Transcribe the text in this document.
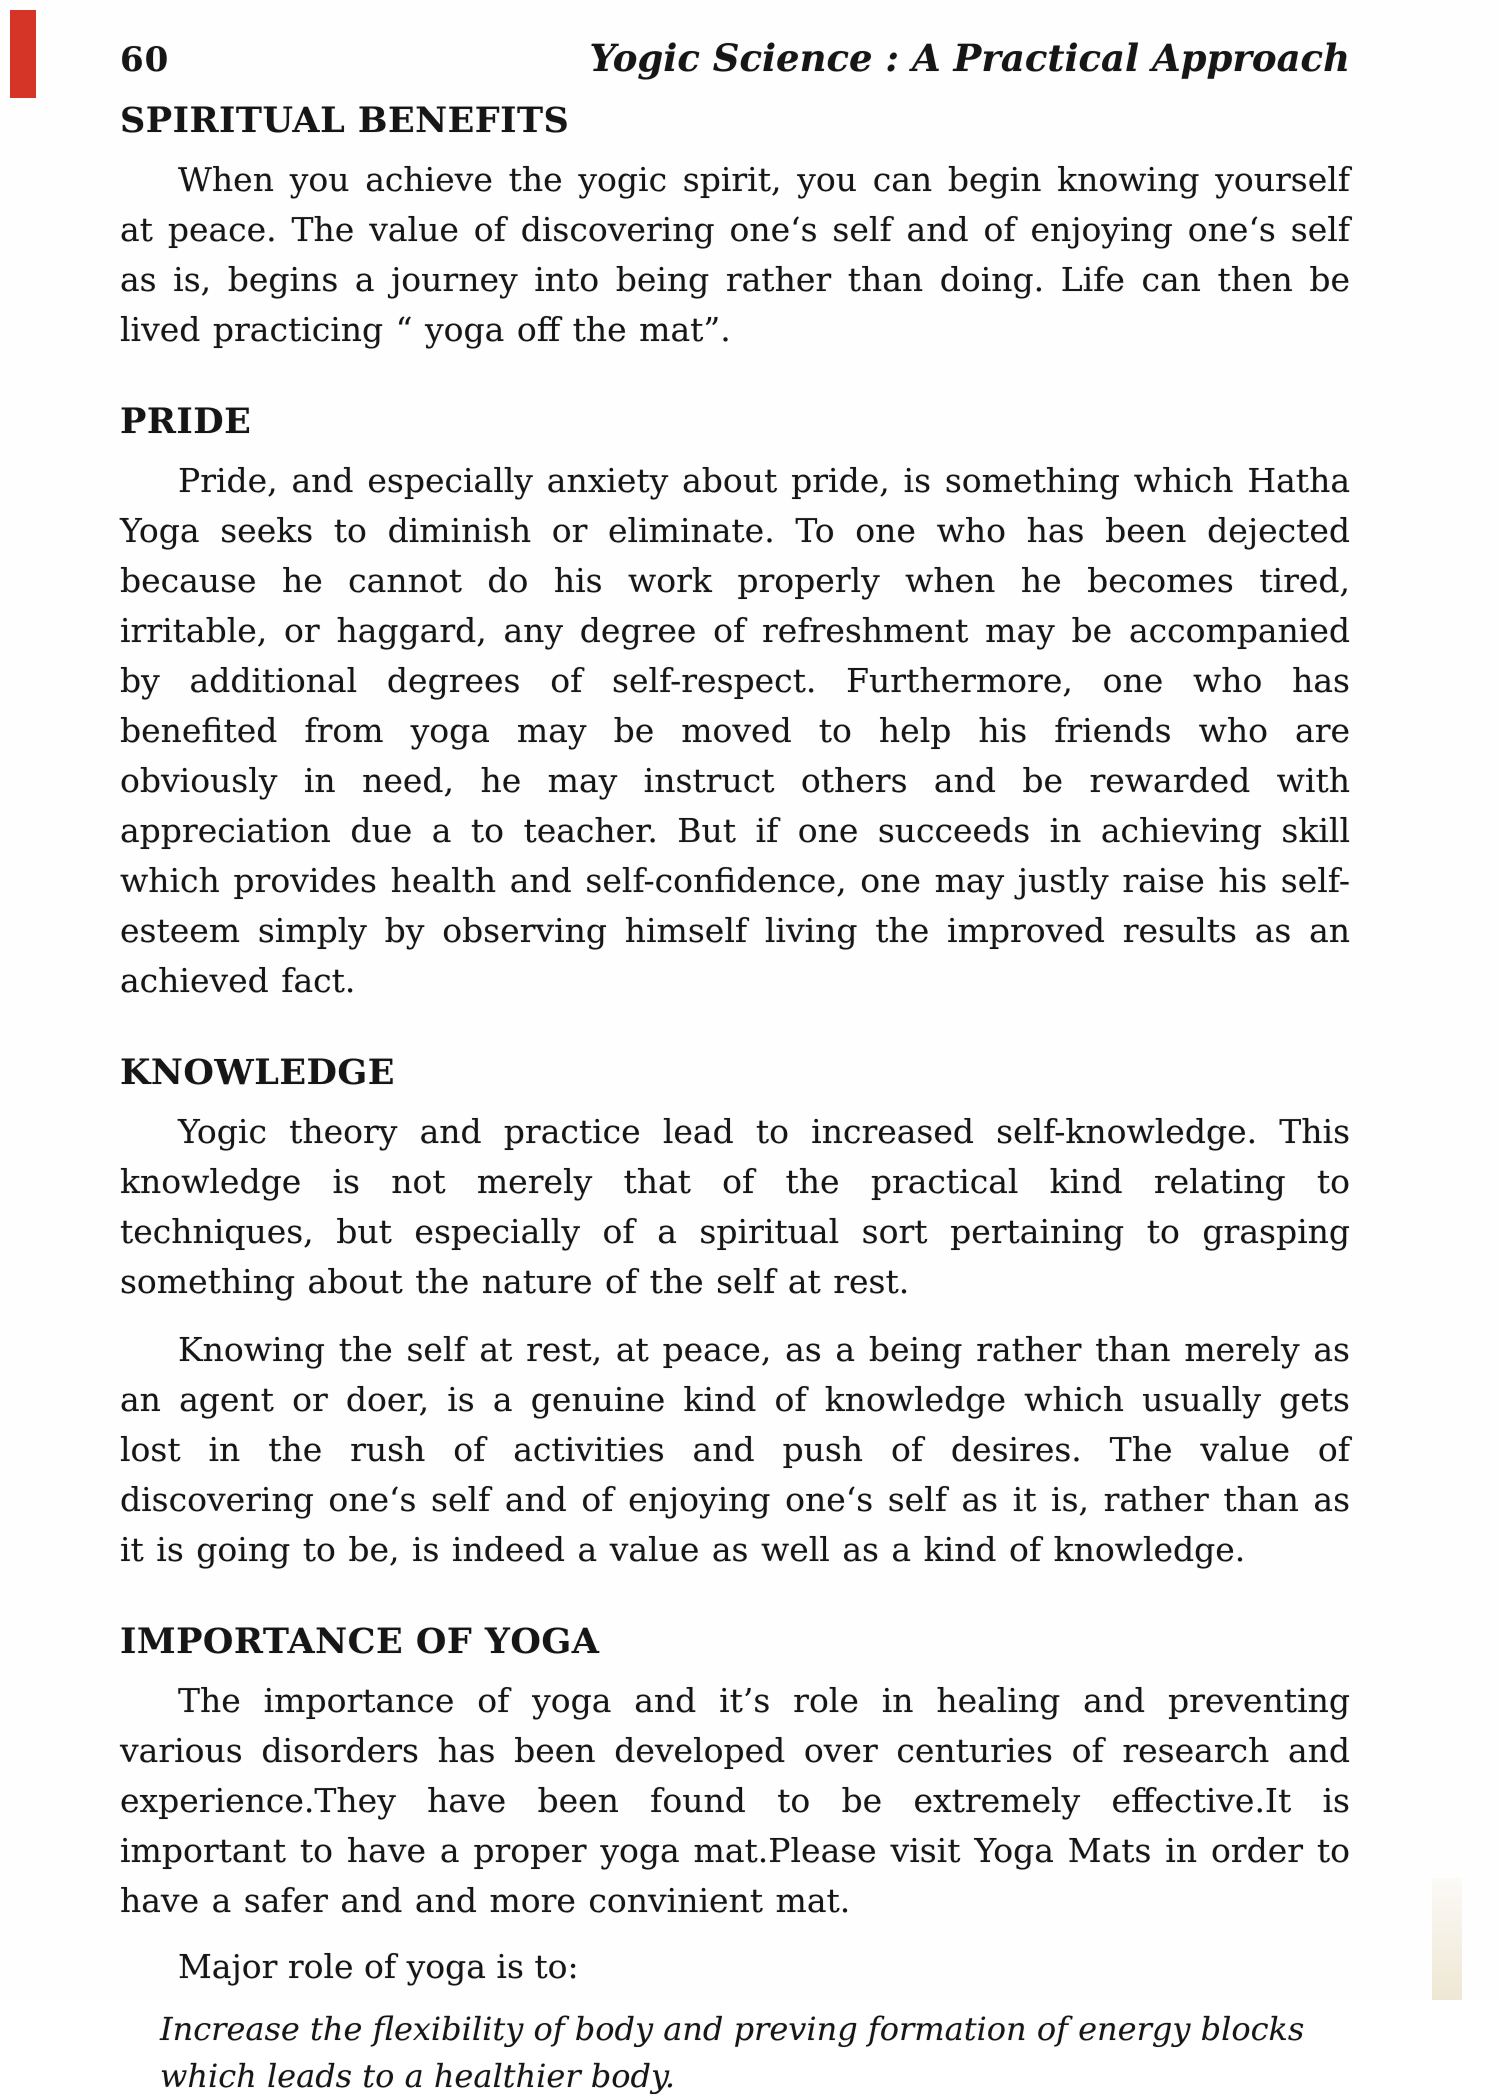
60	Yogic Science : A Practical Approach
SPIRITUAL BENEFITS

When you achieve the yogic spirit, you can begin knowing yourself at peace. The value of discovering one‘s self and of enjoying one‘s self as is, begins a journey into being rather than doing. Life can then be lived practicing “ yoga off the mat”.

PRIDE

Pride, and especially anxiety about pride, is something which Hatha Yoga seeks to diminish or eliminate. To one who has been dejected because he cannot do his work properly when he becomes tired, irritable, or haggard, any degree of refreshment may be accompanied by additional degrees of self-respect. Furthermore, one who has benefited from yoga may be moved to help his friends who are obviously in need, he may instruct others and be rewarded with appreciation due a to teacher. But if one succeeds in achieving skill which provides health and self-confidence, one may justly raise his self-esteem simply by observing himself living the improved results as an achieved fact.

KNOWLEDGE

Yogic theory and practice lead to increased self-knowledge. This knowledge is not merely that of the practical kind relating to techniques, but especially of a spiritual sort pertaining to grasping something about the nature of the self at rest.

Knowing the self at rest, at peace, as a being rather than merely as an agent or doer, is a genuine kind of knowledge which usually gets lost in the rush of activities and push of desires. The value of discovering one‘s self and of enjoying one‘s self as it is, rather than as it is going to be, is indeed a value as well as a kind of knowledge.

IMPORTANCE OF YOGA

The importance of yoga and it’s role in healing and preventing various disorders has been developed over centuries of research and experience.They have been found to be extremely effective.It is important to have a proper yoga mat.Please visit Yoga Mats in order to have a safer and and more convinient mat.

Major role of yoga is to:

Increase the flexibility of body and preving formation of energy blocks which leads to a healthier body.
